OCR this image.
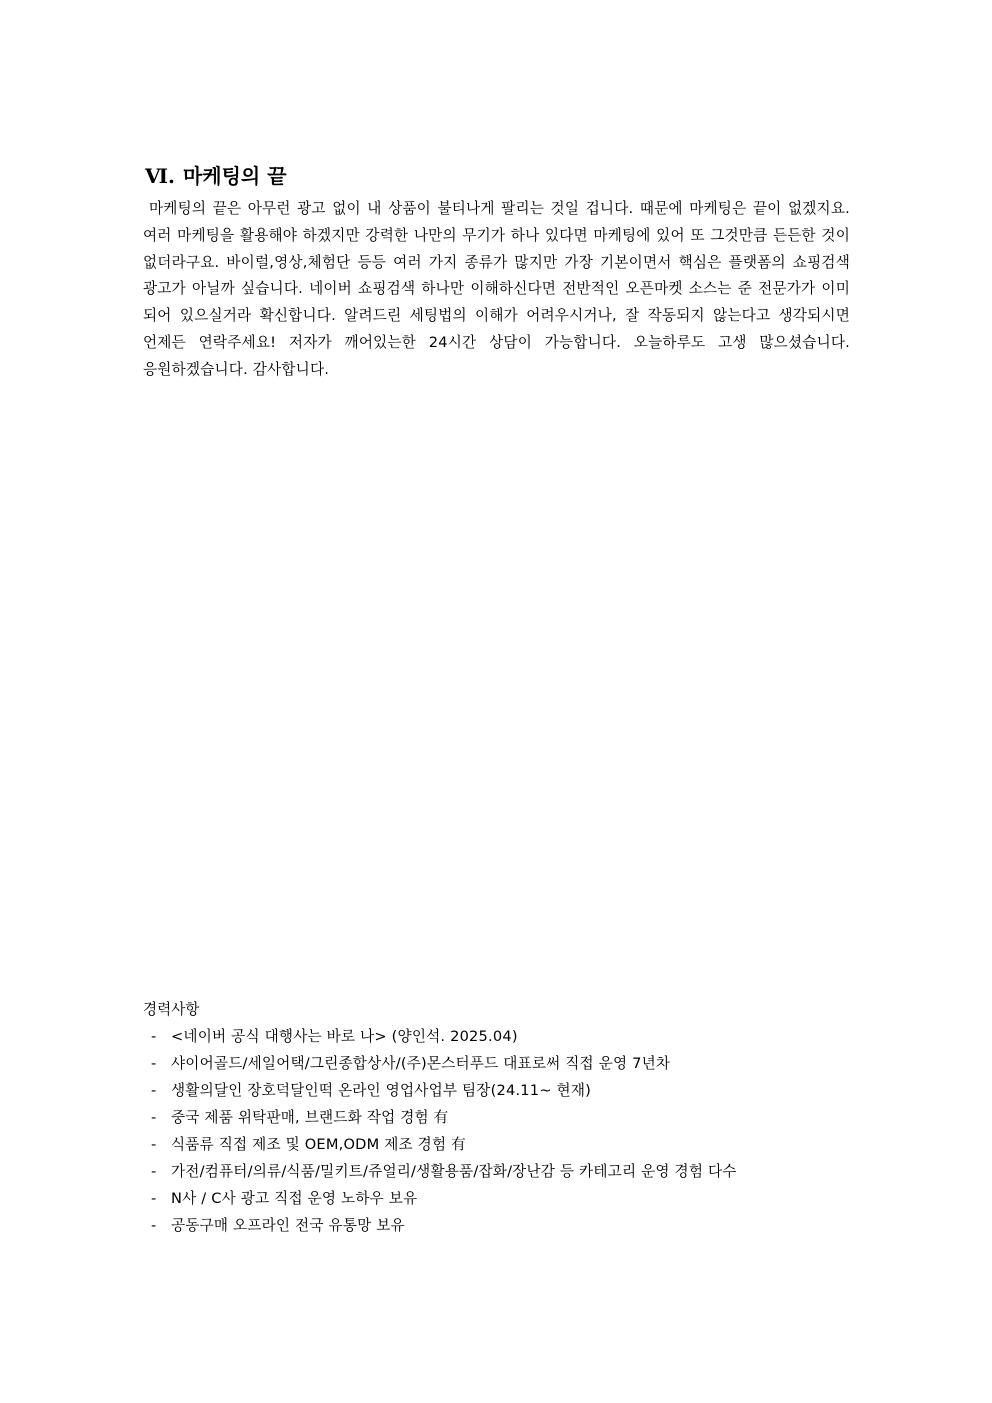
Ⅵ. 마케팅의 끝

마케팅의 끝은 아무런 광고 없이 내 상품이 불티나게 팔리는 것일 겁니다. 때문에 마케팅은 끝이 없겠지요. 여러 마케팅을 활용해야 하겠지만 강력한 나만의 무기가 하나 있다면 마케팅에 있어 또 그것만큼 든든한 것이 없더라구요. 바이럴,영상,체험단 등등 여러 가지 종류가 많지만 가장 기본이면서 핵심은 플랫폼의 쇼핑검색 광고가 아닐까 싶습니다. 네이버 쇼핑검색 하나만 이해하신다면 전반적인 오픈마켓 소스는 준 전문가가 이미 되어 있으실거라 확신합니다. 알려드린 세팅법의 이해가 어려우시거나, 잘 작동되지 않는다고 생각되시면 언제든 연락주세요! 저자가 깨어있는한 24시간 상담이 가능합니다. 오늘하루도 고생 많으셨습니다. 응원하겠습니다. 감사합니다.

경력사항
- <네이버 공식 대행사는 바로 나> (양인석. 2025.04)
- 샤이어골드/세일어택/그린종합상사/(주)몬스터푸드 대표로써 직접 운영 7년차
- 생활의달인 장호덕달인떡 온라인 영업사업부 팀장(24.11~ 현재)
- 중국 제품 위탁판매, 브랜드화 작업 경험 有
- 식품류 직접 제조 및 OEM,ODM 제조 경험 有
- 가전/컴퓨터/의류/식품/밀키트/쥬얼리/생활용품/잡화/장난감 등 카테고리 운영 경험 다수
- N사 / C사 광고 직접 운영 노하우 보유
- 공동구매 오프라인 전국 유통망 보유
